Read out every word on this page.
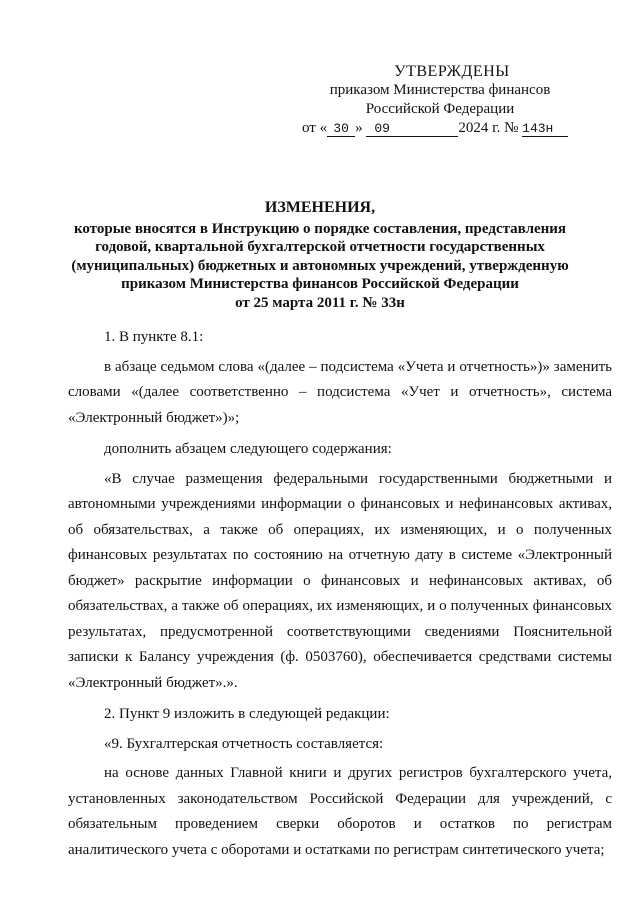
УТВЕРЖДЕНЫ
приказом Министерства финансов
Российской Федерации
от « 30 » 09	2024 г. № 143н
ИЗМЕНЕНИЯ,
которые вносятся в Инструкцию о порядке составления, представления
годовой, квартальной бухгалтерской отчетности государственных
(муниципальных) бюджетных и автономных учреждений, утвержденную
приказом Министерства финансов Российской Федерации
от 25 марта 2011 г. № 33н

1. В пункте 8.1:

в абзаце седьмом слова «(далее – подсистема «Учета и отчетность»)» заменить словами «(далее соответственно – подсистема «Учет и отчетность», система «Электронный бюджет»)»;

дополнить абзацем следующего содержания:

«В случае размещения федеральными государственными бюджетными и автономными учреждениями информации о финансовых и нефинансовых активах, об обязательствах, а также об операциях, их изменяющих, и о полученных финансовых результатах по состоянию на отчетную дату в системе «Электронный бюджет» раскрытие информации о финансовых и нефинансовых активах, об обязательствах, а также об операциях, их изменяющих, и о полученных финансовых результатах, предусмотренной соответствующими сведениями Пояснительной записки к Балансу учреждения (ф. 0503760), обеспечивается средствами системы «Электронный бюджет».».

2. Пункт 9 изложить в следующей редакции:

«9. Бухгалтерская отчетность составляется:

на основе данных Главной книги и других регистров бухгалтерского учета, установленных законодательством Российской Федерации для учреждений, с обязательным проведением сверки оборотов и остатков по регистрам аналитического учета с оборотами и остатками по регистрам синтетического учета;
